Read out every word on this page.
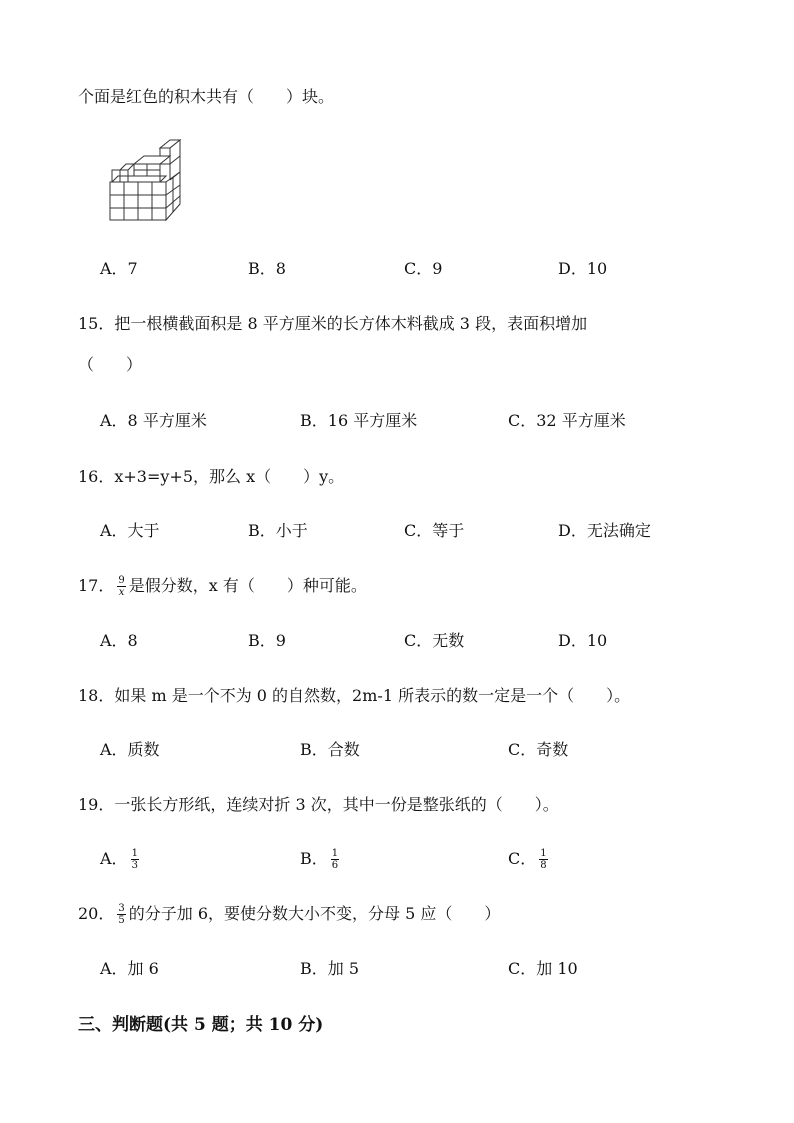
个面是红色的积木共有（　　）块。
A．7	B．8	C．9	D．10
15．把一根横截面积是 8 平方厘米的长方体木料截成 3 段，表面积增加
（　　）
A．8 平方厘米	B．16 平方厘米	C．32 平方厘米
16．x+3=y+5，那么 x（　　）y。
A．大于	B．小于	C．等于	D．无法确定
17． $\frac{9}{x}$ 是假分数，x 有（　　）种可能。
A．8	B．9	C．无数	D．10
18．如果 m 是一个不为 0 的自然数，2m-1 所表示的数一定是一个（　　）。
A．质数	B．合数	C．奇数
19．一张长方形纸，连续对折 3 次，其中一份是整张纸的（　　）。
A． $\frac{1}{3}$	B． $\frac{1}{6}$	C． $\frac{1}{8}$
20． $\frac{3}{5}$ 的分子加 6，要使分数大小不变，分母 5 应（　　）
A．加 6	B．加 5	C．加 10
三、判断题(共 5 题；共 10 分)
